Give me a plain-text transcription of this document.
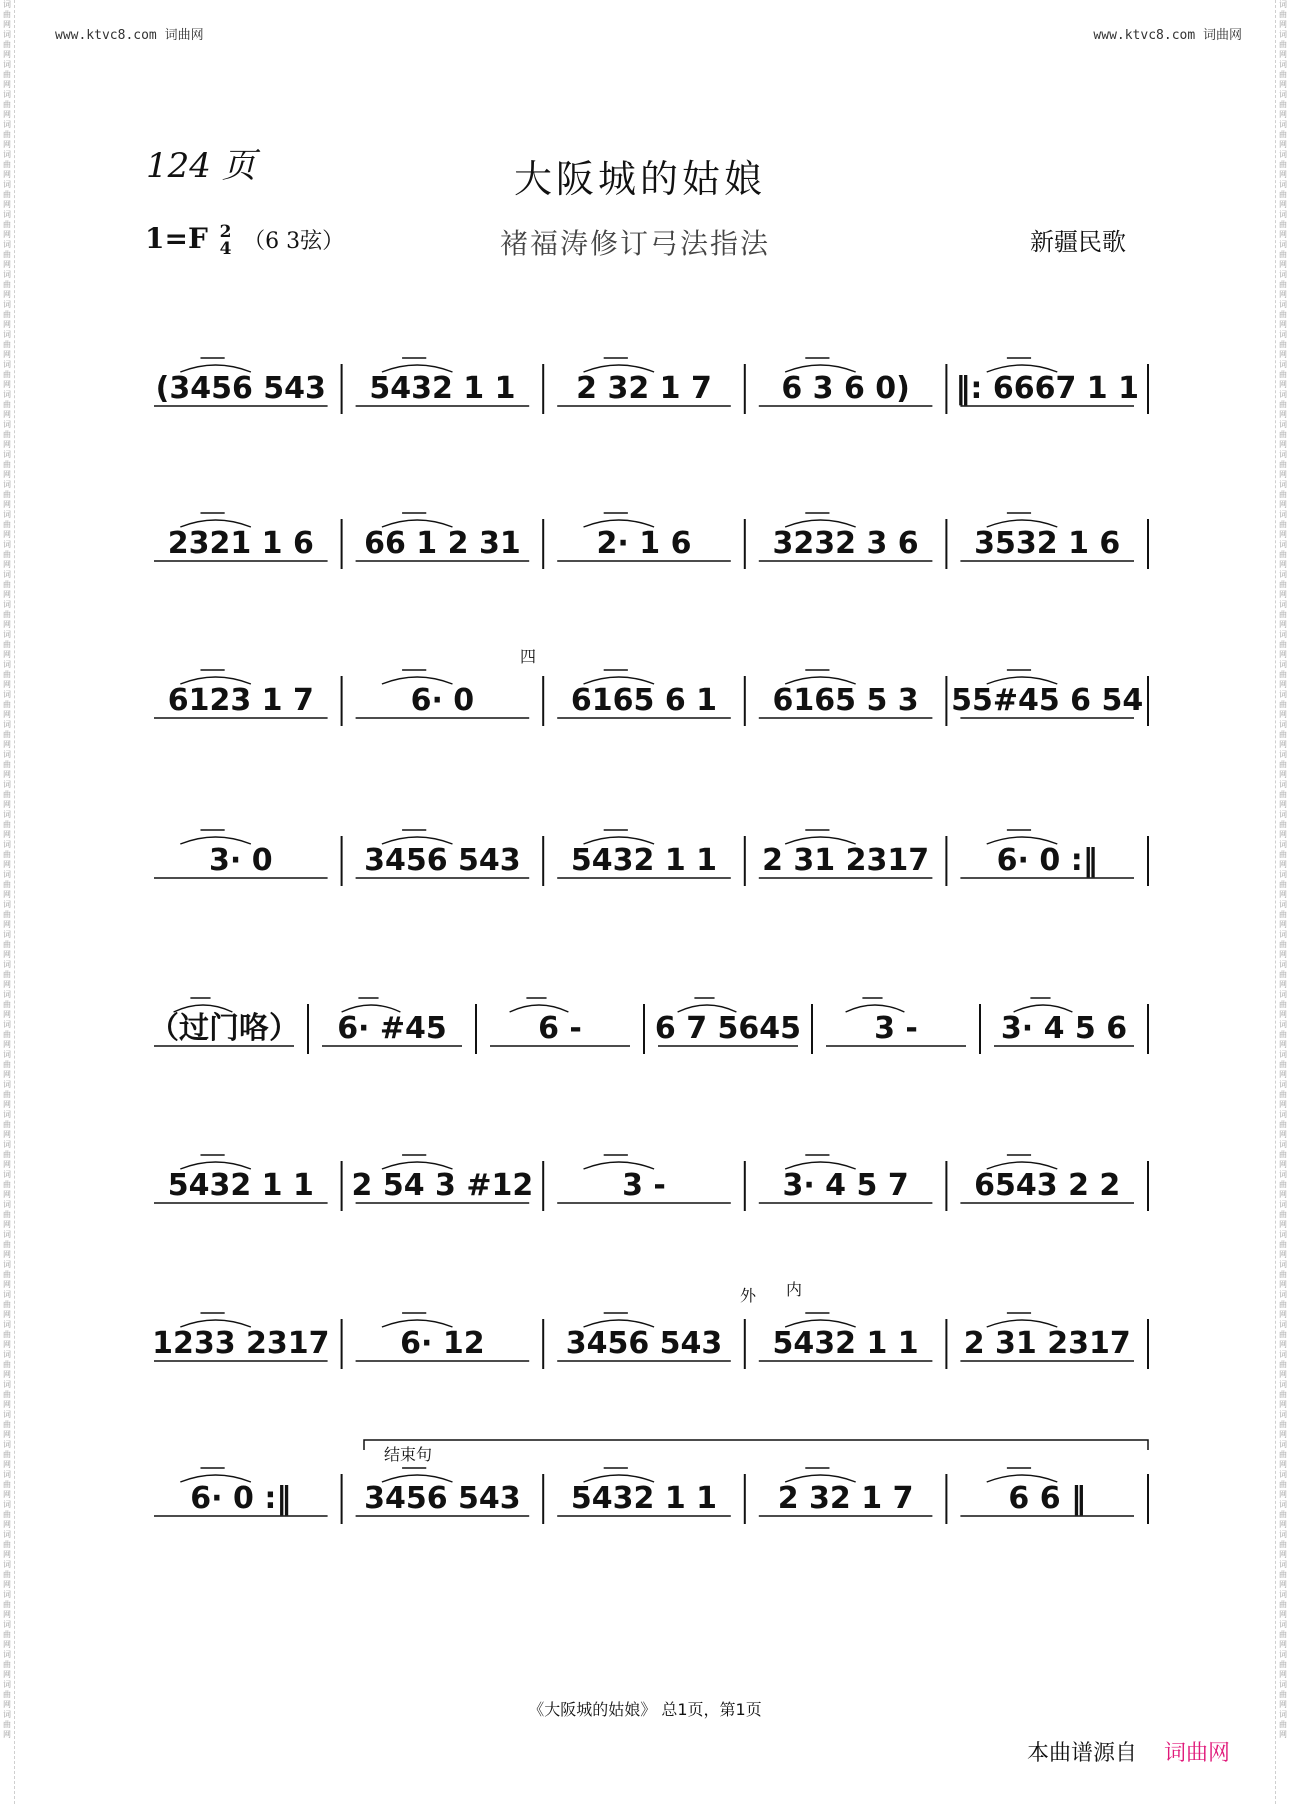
词
曲
网
词
曲
网
词
曲
网
词
曲
网
词
曲
网
词
曲
网
词
曲
网
词
曲
网
词
曲
网
词
曲
网
词
曲
网
词
曲
网
词
曲
网
词
曲
网
词
曲
网
词
曲
网
词
曲
网
词
曲
网
词
曲
网
词
曲
网
词
曲
网
词
曲
网
词
曲
网
词
曲
网
词
曲
网
词
曲
网
词
曲
网
词
曲
网
词
曲
网
词
曲
网
词
曲
网
词
曲
网
词
曲
网
词
曲
网
词
曲
网
词
曲
网
词
曲
网
词
曲
网
词
曲
网
词
曲
网
词
曲
网
词
曲
网
词
曲
网
词
曲
网
词
曲
网
词
曲
网
词
曲
网
词
曲
网
词
曲
网
词
曲
网
词
曲
网
词
曲
网
词
曲
网
词
曲
网
词
曲
网
词
曲
网
词
曲
网
词
曲
网
词
曲
网
词
曲
网
词
曲
网
词
曲
网
词
曲
网
词
曲
网
词
曲
网
词
曲
网
词
曲
网
词
曲
网
词
曲
网
词
曲
网
词
曲
网
词
曲
网
词
曲
网
词
曲
网
词
曲
网
词
曲
网
词
曲
网
词
曲
网
词
曲
网
词
曲
网
词
曲
网
词
曲
网
词
曲
网
词
曲
网
词
曲
网
词
曲
网
词
曲
网
词
曲
网
词
曲
网
词
曲
网
词
曲
网
词
曲
网
词
曲
网
词
曲
网
词
曲
网
词
曲
网
词
曲
网
词
曲
网
词
曲
网
词
曲
网
词
曲
网
词
曲
网
词
曲
网
词
曲
网
词
曲
网
词
曲
网
词
曲
网
词
曲
网
词
曲
网
词
曲
网
词
曲
网
词
曲
网
词
曲
网
词
曲
网
词
曲
网
词
曲
网
www.ktvc8.com 词曲网	www.ktvc8.com 词曲网
124 页	大阪城的姑娘
1=F 2
4 （6 3弦）	褚福涛修订弓法指法	新疆民歌
(3456 543 5432 1 1 2 32 1 7 6 3 6 0) ‖: 6667 1 1
2321 1 6 66 1 2 31	2· 1 6	3232 3 6 3532 1 6
6123 1 7	6· 0	6165 6 1 6165 5 3 55#45 6 54
四
3· 0	3456 543 5432 1 1 2 31 2317 6· 0 :‖
（过门咯） 6· #45	6 - 6 7 5645 3 -	3· 4 5 6
5432 1 1 2 54 3 #12	3 -	3· 4 5 7 6543 2 2
1233 2317 6· 12	3456 543 5432 1 1 2 31 2317
外 内
6· 0 :‖ 3456 543 5432 1 1 2 32 1 7	6 6 ‖
结束句
《大阪城的姑娘》 总1页，第1页
本曲谱源自 词曲网
